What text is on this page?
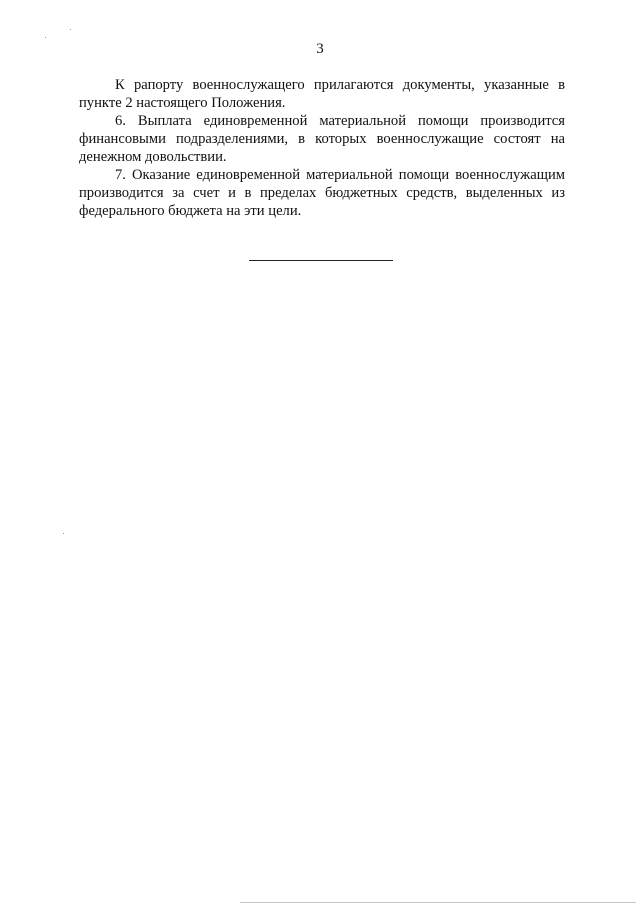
3

К рапорту военнослужащего прилагаются документы, указанные в пункте 2 настоящего Положения.

6. Выплата единовременной материальной помощи производится финансовыми подразделениями, в которых военнослужащие состоят на денежном довольствии.

7. Оказание единовременной материальной помощи военнослужащим производится за счет и в пределах бюджетных средств, выделенных из федерального бюджета на эти цели.
